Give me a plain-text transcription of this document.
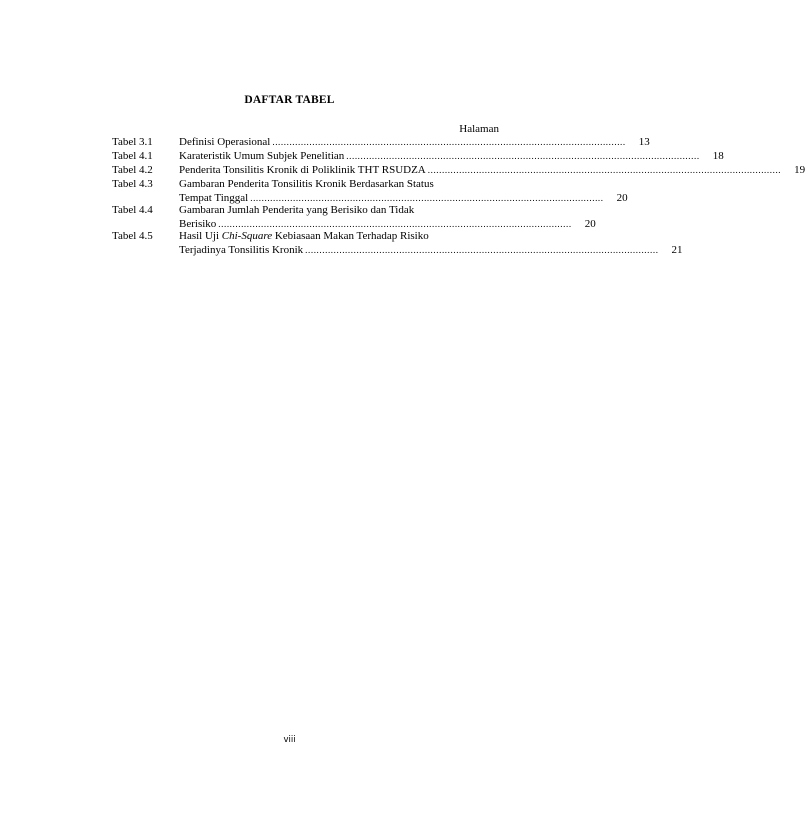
DAFTAR TABEL
Halaman
Tabel 3.1	Definisi Operasional ............................................................................................................................	13
Tabel 4.1	Karateristik Umum Subjek Penelitian ............................................................................................................................	18
Tabel 4.2	Penderita Tonsilitis Kronik di Poliklinik THT RSUDZA ............................................................................................................................	19
Tabel 4.3	Gambaran Penderita Tonsilitis Kronik Berdasarkan Status
Tempat Tinggal ............................................................................................................................	20
Tabel 4.4	Gambaran Jumlah Penderita yang Berisiko dan Tidak
Berisiko ............................................................................................................................	20
Tabel 4.5	Hasil Uji Chi-Square Kebiasaan Makan Terhadap Risiko
Terjadinya Tonsilitis Kronik ............................................................................................................................	21
viii
